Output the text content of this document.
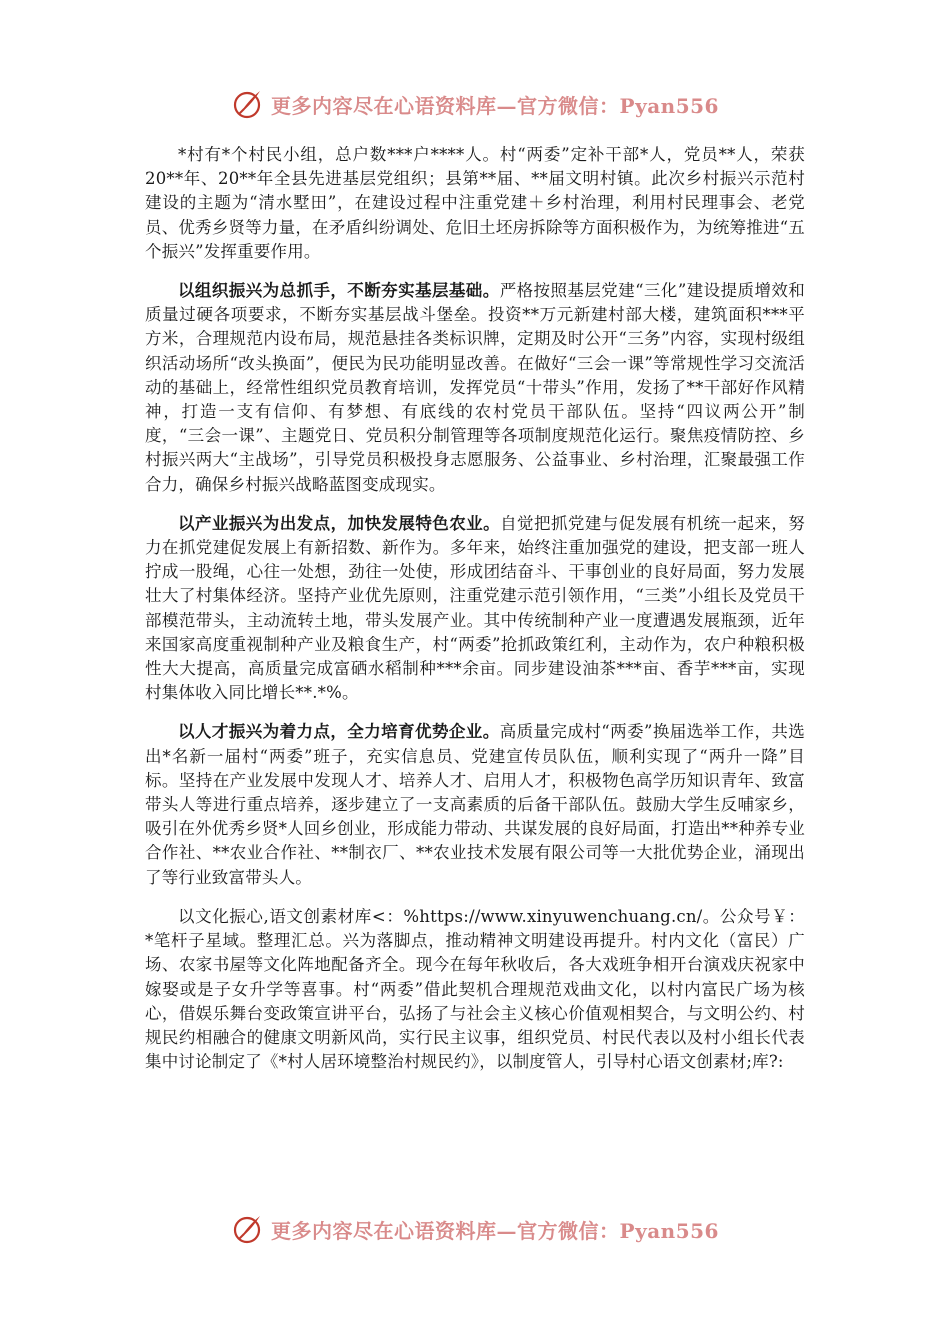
更多内容尽在心语资料库—官方微信：Pyan556

*村有*个村民小组，总户数***户****人。村“两委”定补干部*人，党员**人，荣获20**年、20**年全县先进基层党组织；县第**届、**届文明村镇。此次乡村振兴示范村建设的主题为“清水墅田”，在建设过程中注重党建＋乡村治理，利用村民理事会、老党员、优秀乡贤等力量，在矛盾纠纷调处、危旧土坯房拆除等方面积极作为，为统筹推进“五个振兴”发挥重要作用。

以组织振兴为总抓手，不断夯实基层基础。严格按照基层党建“三化”建设提质增效和质量过硬各项要求，不断夯实基层战斗堡垒。投资**万元新建村部大楼，建筑面积***平方米，合理规范内设布局，规范悬挂各类标识牌，定期及时公开“三务”内容，实现村级组织活动场所“改头换面”，便民为民功能明显改善。在做好“三会一课”等常规性学习交流活动的基础上，经常性组织党员教育培训，发挥党员“十带头”作用，发扬了**干部好作风精神，打造一支有信仰、有梦想、有底线的农村党员干部队伍。坚持“四议两公开”制度，“三会一课”、主题党日、党员积分制管理等各项制度规范化运行。聚焦疫情防控、乡村振兴两大“主战场”，引导党员积极投身志愿服务、公益事业、乡村治理，汇聚最强工作合力，确保乡村振兴战略蓝图变成现实。

以产业振兴为出发点，加快发展特色农业。自觉把抓党建与促发展有机统一起来，努力在抓党建促发展上有新招数、新作为。多年来，始终注重加强党的建设，把支部一班人拧成一股绳，心往一处想，劲往一处使，形成团结奋斗、干事创业的良好局面，努力发展壮大了村集体经济。坚持产业优先原则，注重党建示范引领作用，“三类”小组长及党员干部模范带头，主动流转土地，带头发展产业。其中传统制种产业一度遭遇发展瓶颈，近年来国家高度重视制种产业及粮食生产，村“两委”抢抓政策红利，主动作为，农户种粮积极性大大提高，高质量完成富硒水稻制种***余亩。同步建设油茶***亩、香芋***亩，实现村集体收入同比增长**.*%。

以人才振兴为着力点，全力培育优势企业。高质量完成村“两委”换届选举工作，共选出*名新一届村“两委”班子，充实信息员、党建宣传员队伍，顺利实现了“两升一降”目标。坚持在产业发展中发现人才、培养人才、启用人才，积极物色高学历知识青年、致富带头人等进行重点培养，逐步建立了一支高素质的后备干部队伍。鼓励大学生反哺家乡，吸引在外优秀乡贤*人回乡创业，形成能力带动、共谋发展的良好局面，打造出**种养专业合作社、**农业合作社、**制衣厂、**农业技术发展有限公司等一大批优势企业，涌现出了等行业致富带头人。

以文化振心,语文创素材库<：%https://www.xinyuwenchuang.cn/。公众号￥：*笔杆子星域。整理汇总。兴为落脚点，推动精神文明建设再提升。村内文化（富民）广场、农家书屋等文化阵地配备齐全。现今在每年秋收后，各大戏班争相开台演戏庆祝家中嫁娶或是子女升学等喜事。村“两委”借此契机合理规范戏曲文化，以村内富民广场为核心，借娱乐舞台变政策宣讲平台，弘扬了与社会主义核心价值观相契合，与文明公约、村规民约相融合的健康文明新风尚，实行民主议事，组织党员、村民代表以及村小组长代表集中讨论制定了《*村人居环境整治村规民约》，以制度管人，引导村心语文创素材;库?:

更多内容尽在心语资料库—官方微信：Pyan556
